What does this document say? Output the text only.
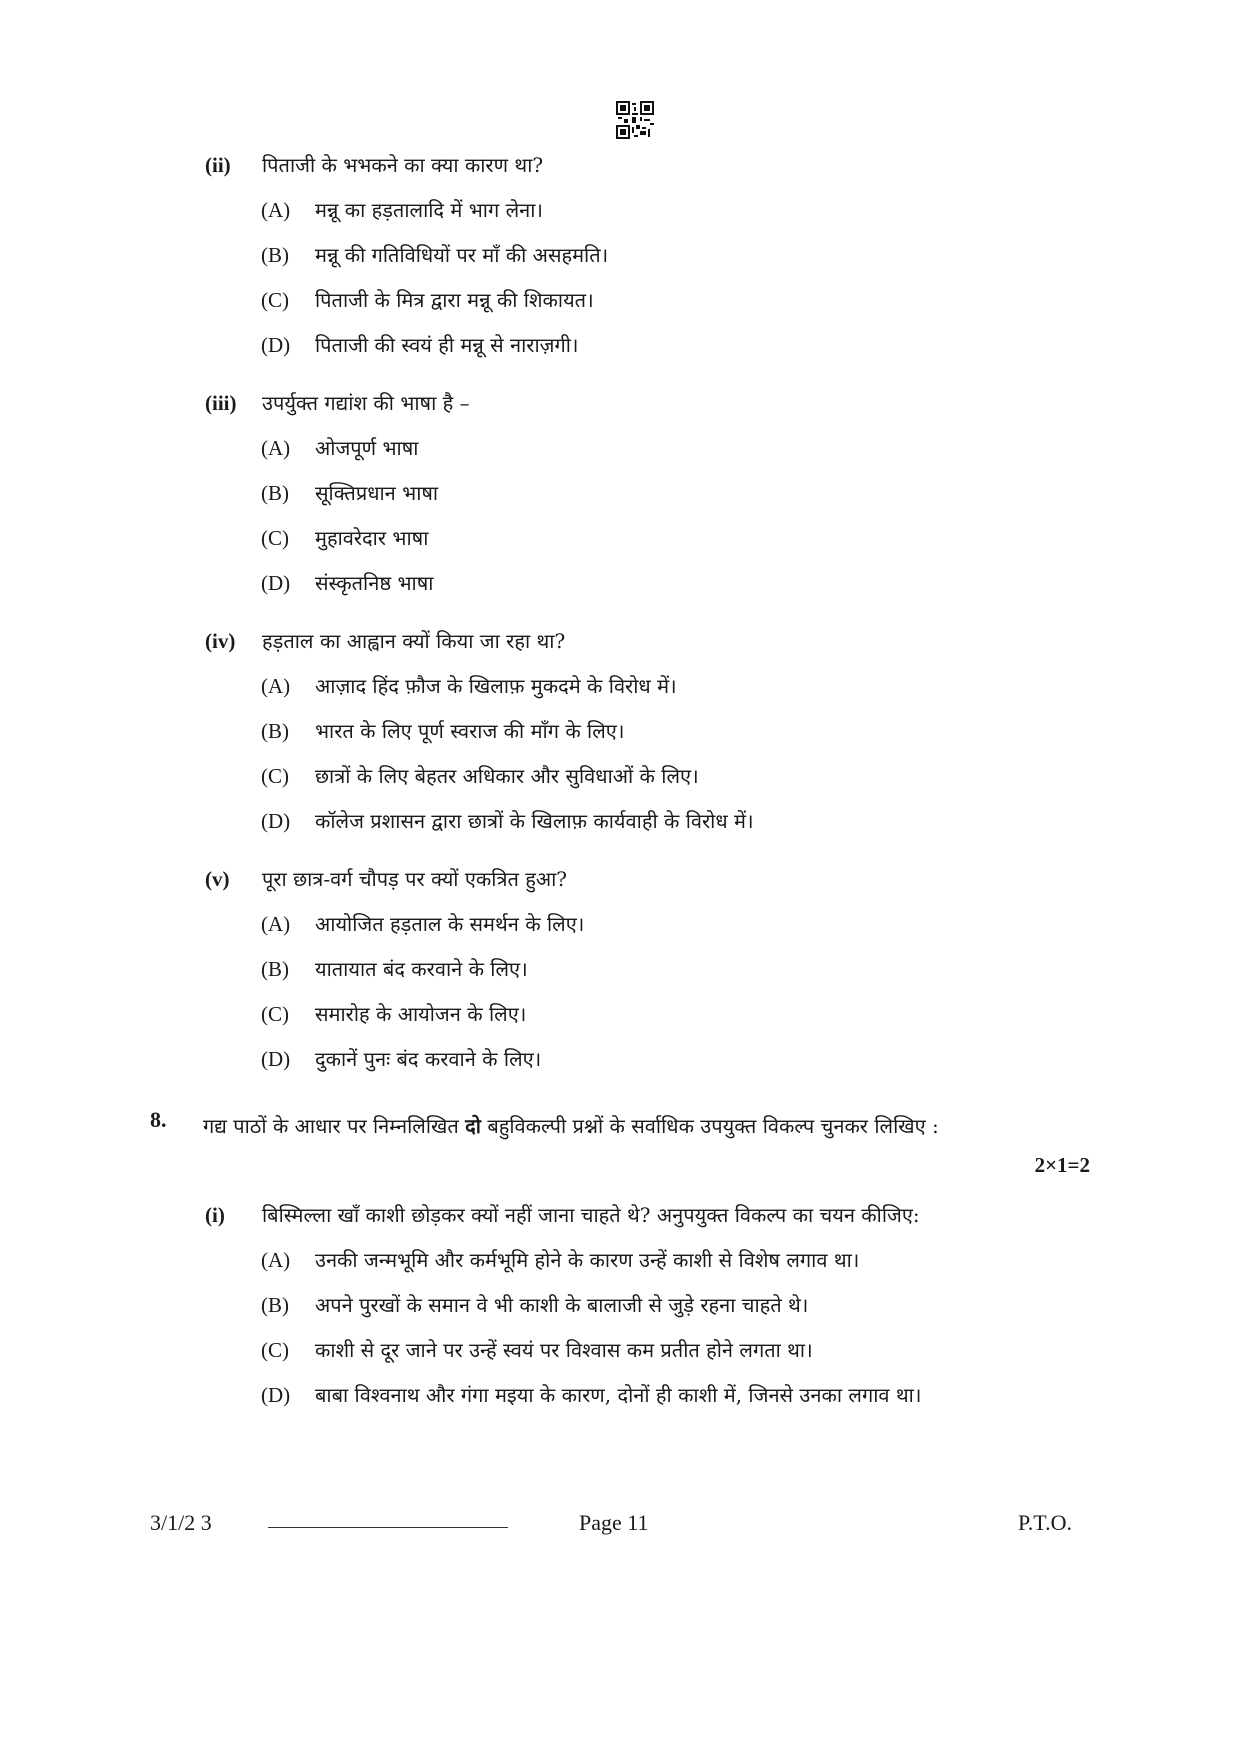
(ii) पिताजी के भभकने का क्या कारण था?
(A) मन्नू का हड़तालादि में भाग लेना।
(B) मन्नू की गतिविधियों पर माँ की असहमति।
(C) पिताजी के मित्र द्वारा मन्नू की शिकायत।
(D) पिताजी की स्वयं ही मन्नू से नाराज़गी।
(iii) उपर्युक्त गद्यांश की भाषा है –
(A) ओजपूर्ण भाषा
(B) सूक्तिप्रधान भाषा
(C) मुहावरेदार भाषा
(D) संस्कृतनिष्ठ भाषा
(iv) हड़ताल का आह्वान क्यों किया जा रहा था?
(A) आज़ाद हिंद फ़ौज के खिलाफ़ मुकदमे के विरोध में।
(B) भारत के लिए पूर्ण स्वराज की माँग के लिए।
(C) छात्रों के लिए बेहतर अधिकार और सुविधाओं के लिए।
(D) कॉलेज प्रशासन द्वारा छात्रों के खिलाफ़ कार्यवाही के विरोध में।
(v) पूरा छात्र-वर्ग चौपड़ पर क्यों एकत्रित हुआ?
(A) आयोजित हड़ताल के समर्थन के लिए।
(B) यातायात बंद करवाने के लिए।
(C) समारोह के आयोजन के लिए।
(D) दुकानें पुनः बंद करवाने के लिए।
8. गद्य पाठों के आधार पर निम्नलिखित दो बहुविकल्पी प्रश्नों के सर्वाधिक उपयुक्त विकल्प चुनकर लिखिए :
2×1=2
(i) बिस्मिल्ला खाँ काशी छोड़कर क्यों नहीं जाना चाहते थे? अनुपयुक्त विकल्प का चयन कीजिए:
(A) उनकी जन्मभूमि और कर्मभूमि होने के कारण उन्हें काशी से विशेष लगाव था।
(B) अपने पुरखों के समान वे भी काशी के बालाजी से जुड़े रहना चाहते थे।
(C) काशी से दूर जाने पर उन्हें स्वयं पर विश्वास कम प्रतीत होने लगता था।
(D) बाबा विश्वनाथ और गंगा मइया के कारण, दोनों ही काशी में, जिनसे उनका लगाव था।
3/1/2 3	Page 11	P.T.O.
